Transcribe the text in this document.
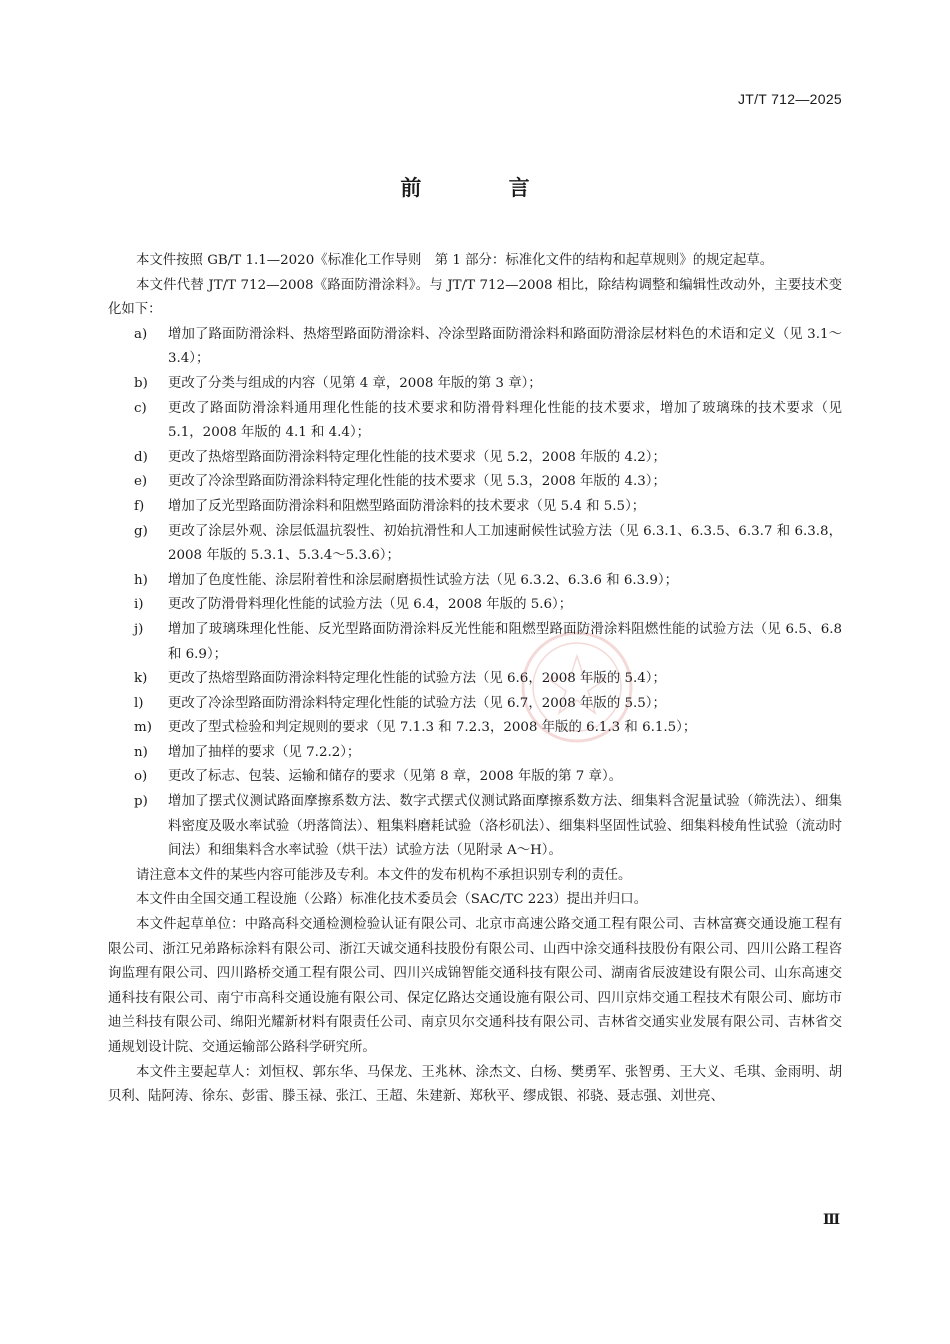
JT/T 712—2025
前 言

本文件按照 GB/T 1.1—2020《标准化工作导则　第 1 部分：标准化文件的结构和起草规则》的规定起草。

本文件代替 JT/T 712—2008《路面防滑涂料》。与 JT/T 712—2008 相比，除结构调整和编辑性改动外，主要技术变化如下：

a)	增加了路面防滑涂料、热熔型路面防滑涂料、冷涂型路面防滑涂料和路面防滑涂层材料色的术语和定义（见 3.1～3.4）；
b)	更改了分类与组成的内容（见第 4 章，2008 年版的第 3 章）；
c)	更改了路面防滑涂料通用理化性能的技术要求和防滑骨料理化性能的技术要求，增加了玻璃珠的技术要求（见 5.1，2008 年版的 4.1 和 4.4）；
d)	更改了热熔型路面防滑涂料特定理化性能的技术要求（见 5.2，2008 年版的 4.2）；
e)	更改了冷涂型路面防滑涂料特定理化性能的技术要求（见 5.3，2008 年版的 4.3）；
f)	增加了反光型路面防滑涂料和阻燃型路面防滑涂料的技术要求（见 5.4 和 5.5）；
g)	更改了涂层外观、涂层低温抗裂性、初始抗滑性和人工加速耐候性试验方法（见 6.3.1、6.3.5、6.3.7 和 6.3.8，2008 年版的 5.3.1、5.3.4～5.3.6）；
h)	增加了色度性能、涂层附着性和涂层耐磨损性试验方法（见 6.3.2、6.3.6 和 6.3.9）；
i)	更改了防滑骨料理化性能的试验方法（见 6.4，2008 年版的 5.6）；
j)	增加了玻璃珠理化性能、反光型路面防滑涂料反光性能和阻燃型路面防滑涂料阻燃性能的试验方法（见 6.5、6.8 和 6.9）；
k)	更改了热熔型路面防滑涂料特定理化性能的试验方法（见 6.6，2008 年版的 5.4）；
l)	更改了冷涂型路面防滑涂料特定理化性能的试验方法（见 6.7，2008 年版的 5.5）；
m)	更改了型式检验和判定规则的要求（见 7.1.3 和 7.2.3，2008 年版的 6.1.3 和 6.1.5）；
n)	增加了抽样的要求（见 7.2.2）；
o)	更改了标志、包装、运输和储存的要求（见第 8 章，2008 年版的第 7 章）。
p)	增加了摆式仪测试路面摩擦系数方法、数字式摆式仪测试路面摩擦系数方法、细集料含泥量试验（筛洗法）、细集料密度及吸水率试验（坍落筒法）、粗集料磨耗试验（洛杉矶法）、细集料坚固性试验、细集料棱角性试验（流动时间法）和细集料含水率试验（烘干法）试验方法（见附录 A～H）。

请注意本文件的某些内容可能涉及专利。本文件的发布机构不承担识别专利的责任。

本文件由全国交通工程设施（公路）标准化技术委员会（SAC/TC 223）提出并归口。

本文件起草单位：中路高科交通检测检验认证有限公司、北京市高速公路交通工程有限公司、吉林富赛交通设施工程有限公司、浙江兄弟路标涂料有限公司、浙江天诚交通科技股份有限公司、山西中涂交通科技股份有限公司、四川公路工程咨询监理有限公司、四川路桥交通工程有限公司、四川兴成锦智能交通科技有限公司、湖南省辰波建设有限公司、山东高速交通科技有限公司、南宁市高科交通设施有限公司、保定亿路达交通设施有限公司、四川京炜交通工程技术有限公司、廊坊市迪兰科技有限公司、绵阳光耀新材料有限责任公司、南京贝尔交通科技有限公司、吉林省交通实业发展有限公司、吉林省交通规划设计院、交通运输部公路科学研究所。

本文件主要起草人：刘恒权、郭东华、马保龙、王兆林、涂杰文、白杨、樊勇军、张智勇、王大义、毛琪、金雨明、胡贝利、陆阿涛、徐东、彭雷、滕玉禄、张江、王超、朱建新、郑秋平、缪成银、祁骁、聂志强、刘世亮、

Ⅲ
